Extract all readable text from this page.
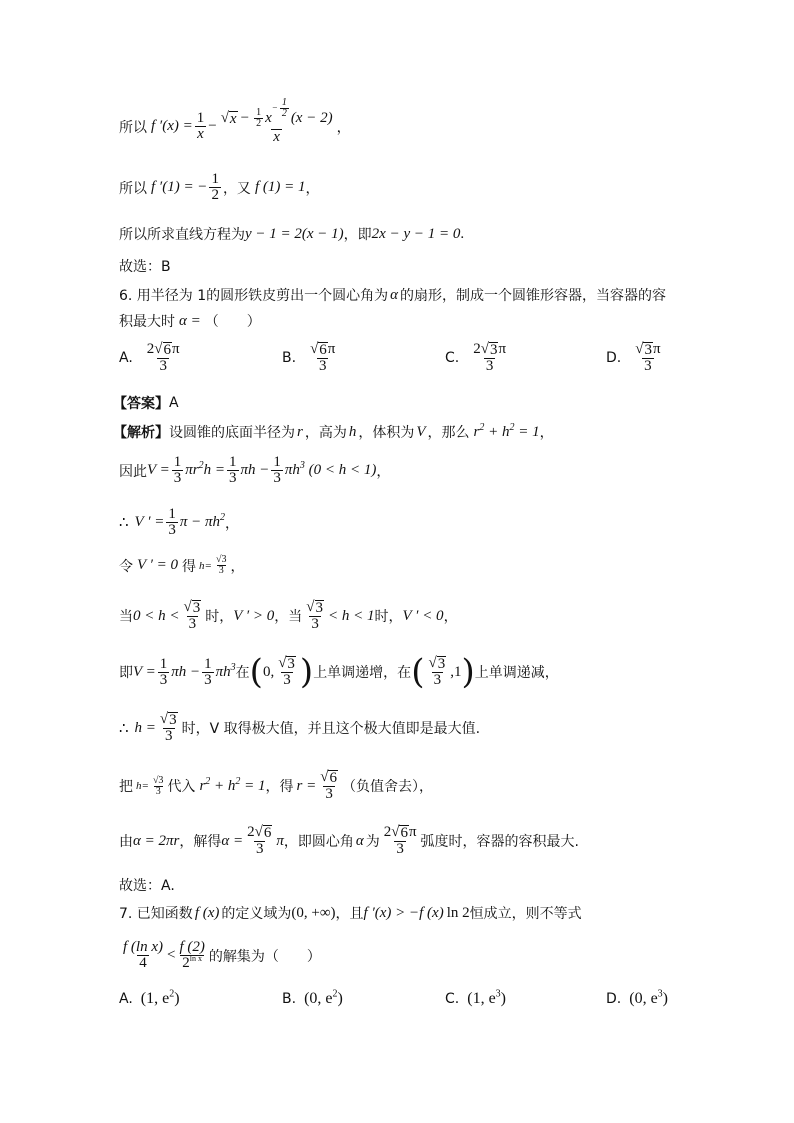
所以 f $'(x) = \frac{1}{x}$ − √ $x - \frac{1}{2}$ x
− $\frac{1}{2} (x - 2)$
x ，
所以 f ′(1) = − $\frac{1}{2}$ ，又 f (1) = 1 ，
所以所求直线方程为 y − 1 = 2(x − 1) ，即 2x − y − 1 = 0 .
故选：B
6. 用半径为 1的圆形铁皮剪出一个圆心角为 α 的扇形，制成一个圆锥形容器，当容器的容
积最大时 α = （　　）
A. $\frac{2 √ 6 \pi}{3}$	B. $\frac{√ 6 \pi}{3}$	C. $\frac{2 √ 3 \pi}{3}$	D. $\frac{√ 3 \pi}{3}$
【答案】 A
【解析】 设圆锥的底面半径为 r ，高为 h ，体积为 V ，那么 $r^2 + h^2 = 1$ ，
因此 $V = \frac{1}{3} \pi r^2h = \frac{1}{3}$ $\pi h - \frac{1}{3} \pi h^3$ (0 < h < 1) ，
∴ V ′ = $\frac{1}{3}$ $\pi - \pi h^2$ ，
令 V ′ = 0 得 $h= \frac{√3}{3}$ ，
当 $0 < h < \frac{√ 3}{3}$ 时， V ′ > 0 ，当 $\frac{√ 3}{3} < h < 1$ 时， V ′ < 0 ，
即 $V = \frac{1}{3}$ $\pi h - \frac{1}{3} \pi h^3$ 在 ( 0, $\frac{√ 3}{3}$ ) 上单调递增，在 ( $\frac{√ 3}{3} ,1$ ) 上单调递减，
∴ $h = \frac{√ 3}{3}$ 时，V 取得极大值，并且这个极大值即是最大值.
把 $h= \frac{√3}{3}$ 代入 $r^2 + h^2 = 1$ ，得 $r = \frac{√ 6}{3}$ （负值舍去），
由 α = 2πr ，解得 $\alpha = \frac{2 √ 6}{3}$ π ，即圆心角 α 为 $\frac{2 √ 6 \pi}{3}$ 弧度时，容器的容积最大.
故选：A.
7. 已知函数 f (x) 的定义域为 (0, +∞) ，且 f ′(x) > −f (x) ln 2 恒成立，则不等式
$\frac{\text{f (ln x)}}{4} < \frac{f (2)}{2^{ln x}}$ 的解集为（　　）
A. (1, $e^2$)	B. (0, $e^2$)	C. (1, $e^3$)	D. (0, $e^3$)
